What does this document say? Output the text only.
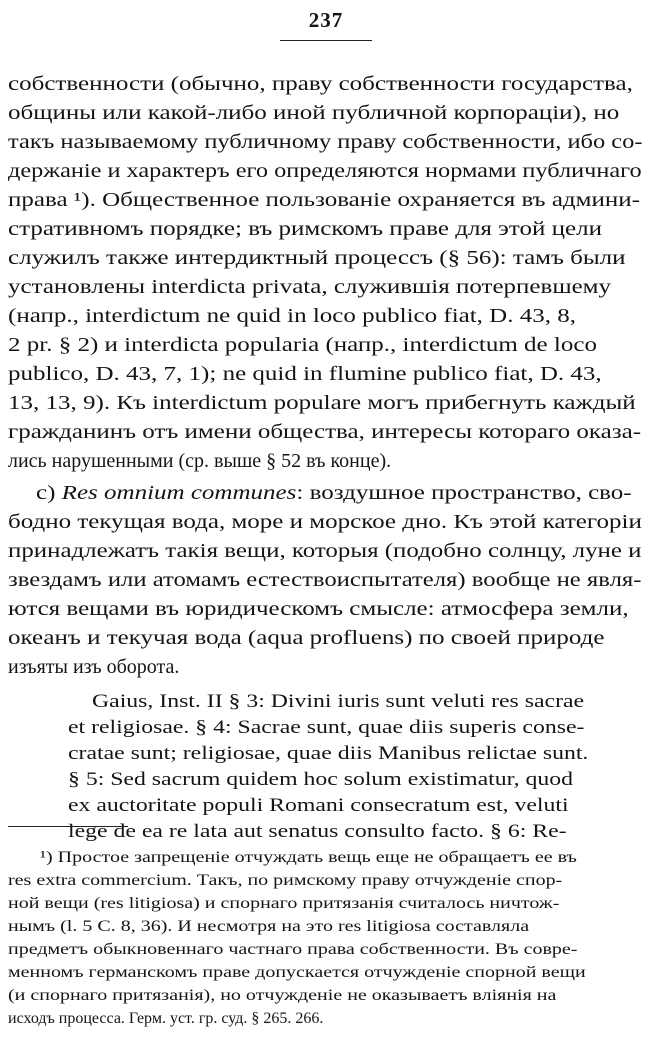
237
собственности (обычно, праву собственности государства,
общины или какой-либо иной публичной корпорацiи), но
такъ называемому публичному праву собственности, ибо со-
держанiе и характеръ его определяются нормами публичнаго
права ¹). Общественное пользованiе охраняется въ админи-
стративномъ порядке; въ римскомъ праве для этой цели
служилъ также интердиктный процессъ (§ 56): тамъ были
установлены interdicta privata, служившiя потерпевшему
(напр., interdictum ne quid in loco publico fiat, D. 43, 8,
2 pr. § 2) и interdicta popularia (напр., interdictum de loco
publico, D. 43, 7, 1); ne quid in flumine publico fiat, D. 43,
13, 13, 9). Къ interdictum populare могъ прибегнуть каждый
гражданинъ отъ имени общества, интересы котораго оказа-
лись нарушенными (ср. выше § 52 въ конце).
c) Res omnium communes: воздушное пространство, сво-
бодно текущая вода, море и морское дно. Къ этой категорiи
принадлежатъ такiя вещи, которыя (подобно солнцу, луне и
звездамъ или атомамъ естествоиспытателя) вообще не явля-
ются вещами въ юридическомъ смысле: атмосфера земли,
океанъ и текучая вода (aqua profluens) по своей природе
изъяты изъ оборота.
Gaius, Inst. II § 3: Divini iuris sunt veluti res sacrae
et religiosae. § 4: Sacrae sunt, quae diis superis conse-
cratae sunt; religiosae, quae diis Manibus relictae sunt.
§ 5: Sed sacrum quidem hoc solum existimatur, quod
ex auctoritate populi Romani consecratum est, veluti
lege de ea re lata aut senatus consulto facto. § 6: Re-
¹) Простое запрещенiе отчуждать вещь еще не обращаетъ ее въ
res extra commercium. Такъ, по римскому праву отчужденiе спор-
ной вещи (res litigiosa) и спорнаго притязанiя считалось ничтож-
нымъ (l. 5 C. 8, 36). И несмотря на это res litigiosa составляла
предметъ обыкновеннаго частнаго права собственности. Въ совре-
менномъ германскомъ праве допускается отчужденiе спорной вещи
(и спорнаго притязанiя), но отчужденiе не оказываетъ влiянiя на
исходъ процесса. Герм. уст. гр. суд. § 265. 266.
